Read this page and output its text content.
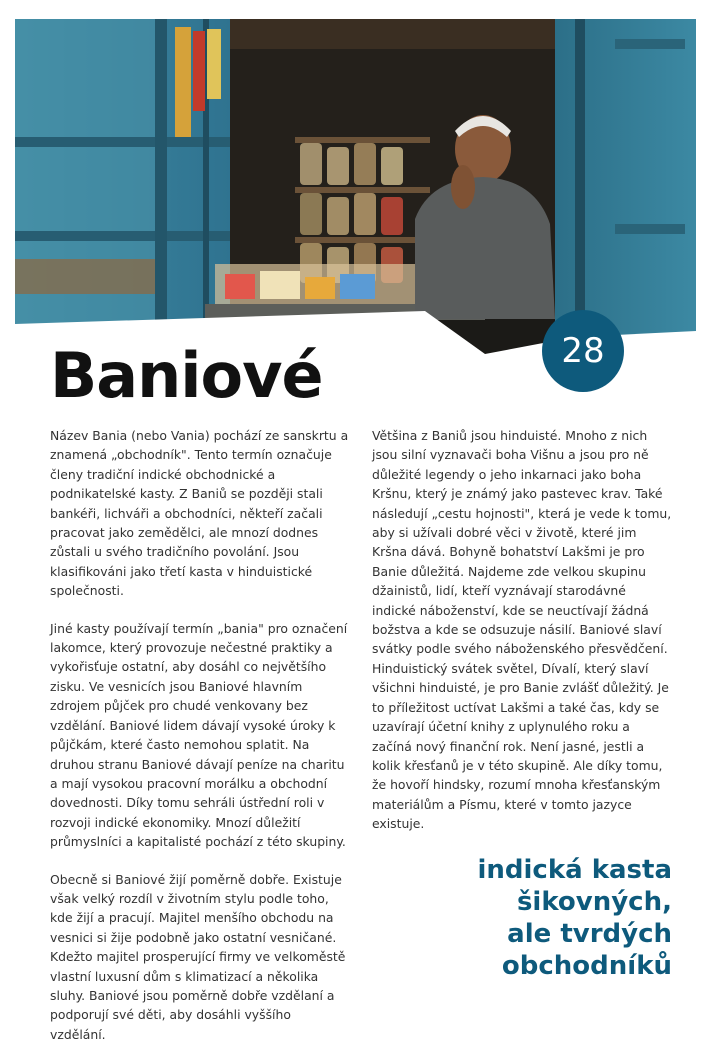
Baniové	28

Název Bania (nebo Vania) pochází ze sanskrtu a znamená „obchodník". Tento termín označuje členy tradiční indické obchodnické a podnikatelské kasty. Z Baniů se později stali bankéři, lichváři a obchodníci, někteří začali pracovat jako zemědělci, ale mnozí dodnes zůstali u svého tradičního povolání. Jsou klasifikováni jako třetí kasta v hinduistické společnosti.

Jiné kasty používají termín „bania" pro označení lakomce, který provozuje nečestné praktiky a vykořisťuje ostatní, aby dosáhl co největšího zisku. Ve vesnicích jsou Baniové hlavním zdrojem půjček pro chudé venkovany bez vzdělání. Baniové lidem dávají vysoké úroky k půjčkám, které často nemohou splatit. Na druhou stranu Baniové dávají peníze na charitu a mají vysokou pracovní morálku a obchodní dovednosti. Díky tomu sehráli ústřední roli v rozvoji indické ekonomiky. Mnozí důležití průmyslníci a kapitalisté pochází z této skupiny.

Obecně si Baniové žijí poměrně dobře. Existuje však velký rozdíl v životním stylu podle toho, kde žijí a pracují. Majitel menšího obchodu na vesnici si žije podobně jako ostatní vesničané. Kdežto majitel prosperující firmy ve velkoměstě vlastní luxusní dům s klimatizací a několika sluhy. Baniové jsou poměrně dobře vzdělaní a podporují své děti, aby dosáhli vyššího vzdělání.

Většina z Baniů jsou hinduisté. Mnoho z nich jsou silní vyznavači boha Višnu a jsou pro ně důležité legendy o jeho inkarnaci jako boha Kršnu, který je známý jako pastevec krav. Také následují „cestu hojnosti", která je vede k tomu, aby si užívali dobré věci v životě, které jim Kršna dává. Bohyně bohatství Lakšmi je pro Banie důležitá. Najdeme zde velkou skupinu džainistů, lidí, kteří vyznávají starodávné indické náboženství, kde se neuctívají žádná božstva a kde se odsuzuje násilí. Baniové slaví svátky podle svého náboženského přesvědčení. Hinduistický svátek světel, Dívalí, který slaví všichni hinduisté, je pro Banie zvlášť důležitý. Je to příležitost uctívat Lakšmi a také čas, kdy se uzavírají účetní knihy z uplynulého roku a začíná nový finanční rok. Není jasné, jestli a kolik křesťanů je v této skupině. Ale díky tomu, že hovoří hindsky, rozumí mnoha křesťanským materiálům a Písmu, které v tomto jazyce existuje.

indická kasta
šikovných,
ale tvrdých
obchodníků
